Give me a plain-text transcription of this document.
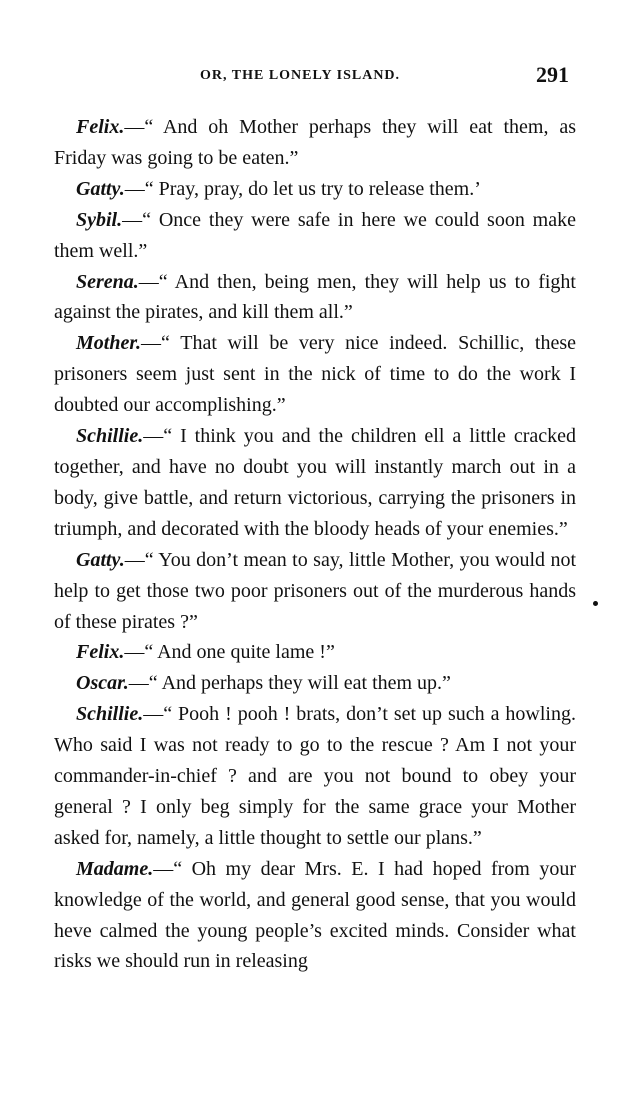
OR, THE LONELY ISLAND.	291

Felix.—“ And oh Mother perhaps they will eat them, as Friday was going to be eaten.”

Gatty.—“ Pray, pray, do let us try to release them.’

Sybil.—“ Once they were safe in here we could soon make them well.”

Serena.—“ And then, being men, they will help us to fight against the pirates, and kill them all.”

Mother.—“ That will be very nice indeed. Schillic, these prisoners seem just sent in the nick of time to do the work I doubted our accomplishing.”

Schillie.—“ I think you and the children ell a little cracked together, and have no doubt you will instantly march out in a body, give battle, and return victorious, carrying the prisoners in triumph, and decorated with the bloody heads of your enemies.”

Gatty.—“ You don’t mean to say, little Mother, you would not help to get those two poor prisoners out of the murderous hands of these pirates ?”

Felix.—“ And one quite lame !”

Oscar.—“ And perhaps they will eat them up.”

Schillie.—“ Pooh ! pooh ! brats, don’t set up such a howling. Who said I was not ready to go to the rescue ? Am I not your commander-in-chief ? and are you not bound to obey your general ? I only beg simply for the same grace your Mother asked for, namely, a little thought to settle our plans.”

Madame.—“ Oh my dear Mrs. E. I had hoped from your knowledge of the world, and general good sense, that you would heve calmed the young people’s excited minds. Consider what risks we should run in releasing
